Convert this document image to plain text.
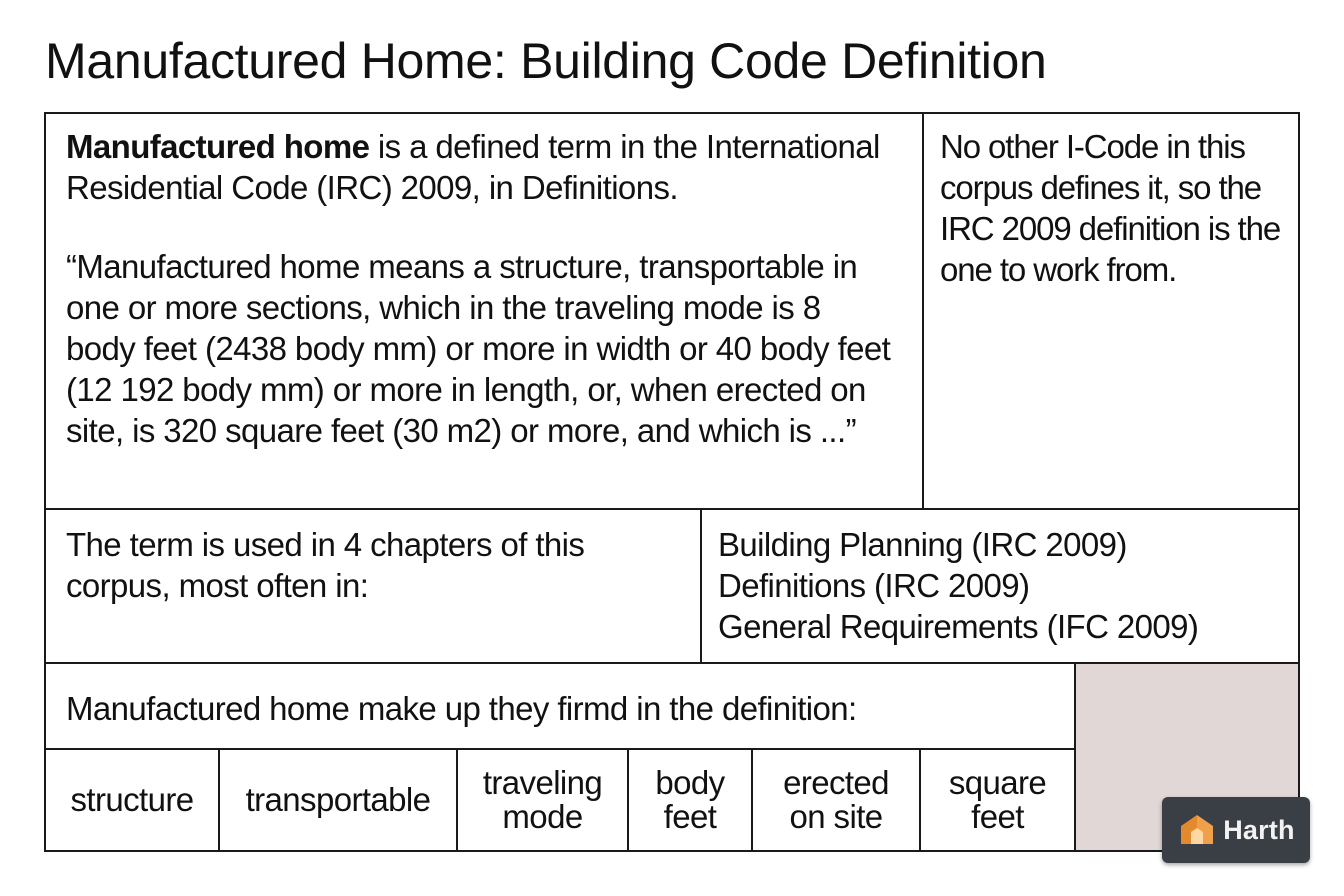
Manufactured Home: Building Code Definition
Manufactured home is a defined term in the International Residential Code (IRC) 2009, in Definitions.
“Manufactured home means a structure, transportable in one or more sections, which in the traveling mode is 8 body feet (2438 body mm) or more in width or 40 body feet (12 192 body mm) or more in length, or, when erected on site, is 320 square feet (30 m2) or more, and which is ...”
No other I-Code in this corpus defines it, so the IRC 2009 definition is the one to work from.
The term is used in 4 chapters of this corpus, most often in:
Building Planning (IRC 2009)
Definitions (IRC 2009)
General Requirements (IFC 2009)
Manufactured home make up they firmd in the definition:
structure transportable	traveling mode
body feet
erected on site
square feet	Harth
